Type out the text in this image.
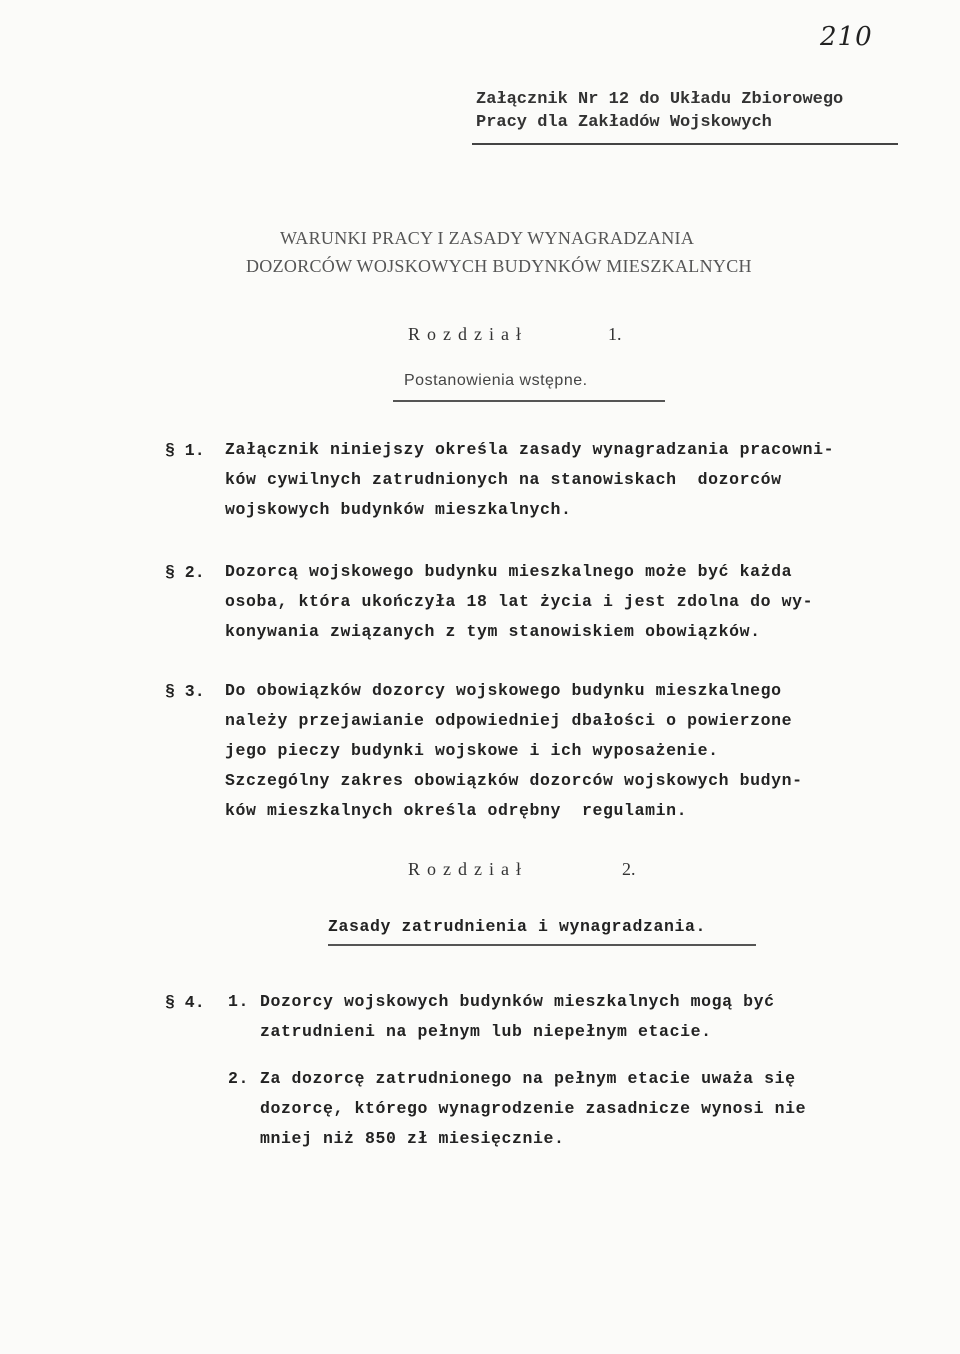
210
Załącznik Nr 12 do Układu Zbiorowego
Pracy dla Zakładów Wojskowych
WARUNKI PRACY I ZASADY WYNAGRADZANIA
DOZORCÓW WOJSKOWYCH BUDYNKÓW MIESZKALNYCH
Rozdział	1.
Postanowienia wstępne.
§ 1. Załącznik niniejszy określa zasady wynagradzania pracowni-
ków cywilnych zatrudnionych na stanowiskach  dozorców
wojskowych budynków mieszkalnych.
§ 2. Dozorcą wojskowego budynku mieszkalnego może być każda
osoba, która ukończyła 18 lat życia i jest zdolna do wy-
konywania związanych z tym stanowiskiem obowiązków.
§ 3. Do obowiązków dozorcy wojskowego budynku mieszkalnego
należy przejawianie odpowiedniej dbałości o powierzone
jego pieczy budynki wojskowe i ich wyposażenie.
Szczególny zakres obowiązków dozorców wojskowych budyn-
ków mieszkalnych określa odrębny  regulamin.
Rozdział	2.
Zasady zatrudnienia i wynagradzania.
§ 4. 1. Dozorcy wojskowych budynków mieszkalnych mogą być
zatrudnieni na pełnym lub niepełnym etacie.
2. Za dozorcę zatrudnionego na pełnym etacie uważa się
dozorcę, którego wynagrodzenie zasadnicze wynosi nie
mniej niż 850 zł miesięcznie.
